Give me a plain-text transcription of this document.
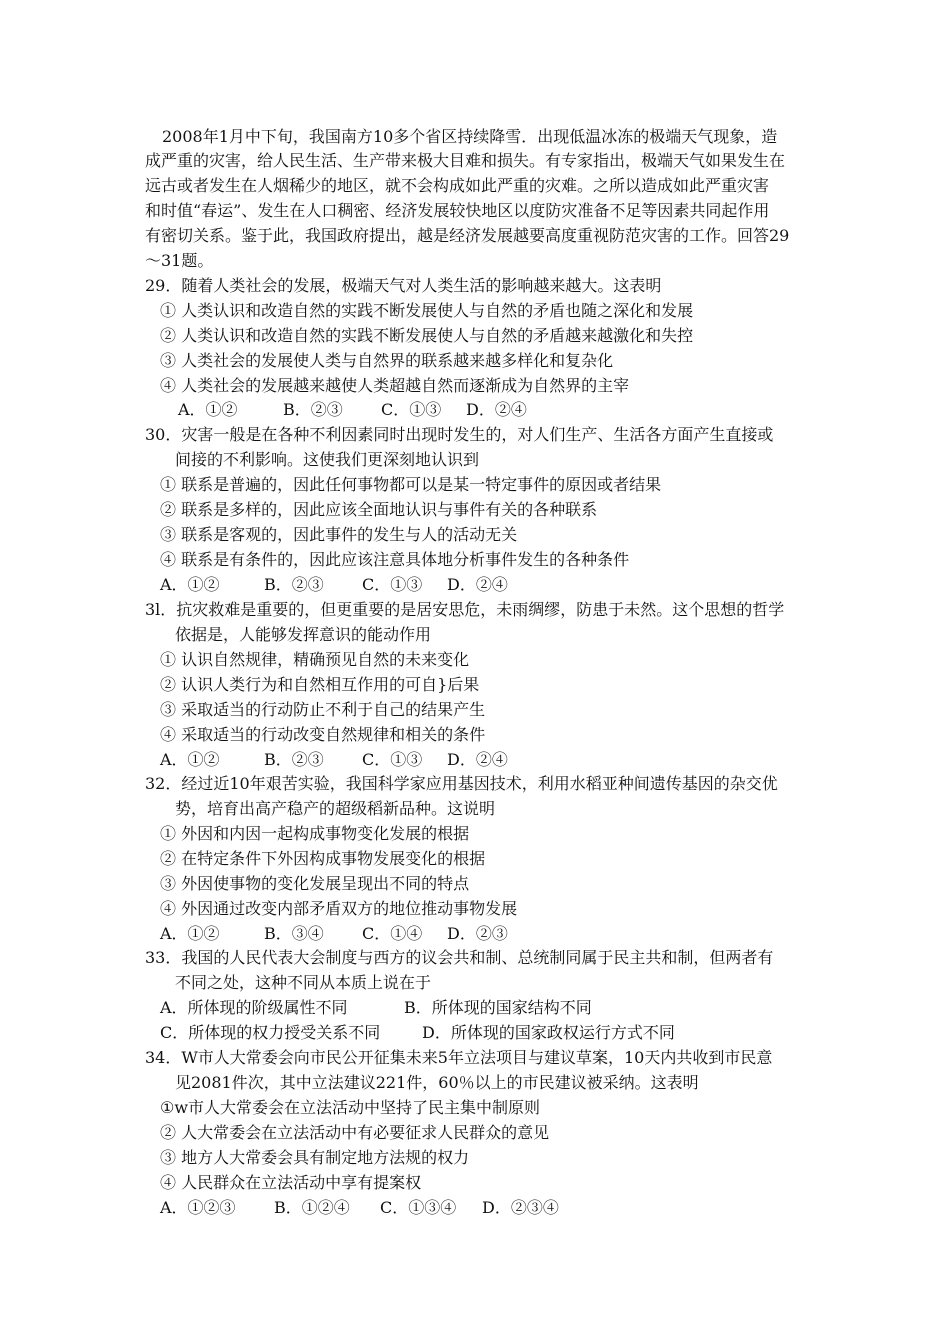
2008年1月中下旬，我国南方10多个省区持续降雪．出现低温冰冻的极端天气现象，造
成严重的灾害，给人民生活、生产带来极大目难和损失。有专家指出，极端天气如果发生在
远古或者发生在人烟稀少的地区，就不会构成如此严重的灾难。之所以造成如此严重灾害
和时值“春运”、发生在人口稠密、经济发展较快地区以度防灾准备不足等因素共同起作用
有密切关系。鉴于此，我国政府提出，越是经济发展越要高度重视防范灾害的工作。回答29
～31题。
29．随着人类社会的发展，极端天气对人类生活的影响越来越大。这表明
① 人类认识和改造自然的实践不断发展使人与自然的矛盾也随之深化和发展
② 人类认识和改造自然的实践不断发展使人与自然的矛盾越来越激化和失控
③ 人类社会的发展使人类与自然界的联系越来越多样化和复杂化
④ 人类社会的发展越来越使人类超越自然而逐渐成为自然界的主宰
A．①②	B．②③ C．①③ D．②④
30．灾害一般是在各种不利因素同时出现时发生的，对人们生产、生活各方面产生直接或
间接的不利影响。这使我们更深刻地认识到
① 联系是普遍的，因此任何事物都可以是某一特定事件的原因或者结果
② 联系是多样的，因此应该全面地认识与事件有关的各种联系
③ 联系是客观的，因此事件的发生与人的活动无关
④ 联系是有条件的，因此应该注意具体地分析事件发生的各种条件
A．①②	B．②③ C．①③ D．②④
3l．抗灾救难是重要的，但更重要的是居安思危，未雨绸缪，防患于未然。这个思想的哲学
依据是，人能够发挥意识的能动作用
① 认识自然规律，精确预见自然的未来变化
② 认识人类行为和自然相互作用的可自}后果
③ 采取适当的行动防止不利于自己的结果产生
④ 采取适当的行动改变自然规律和相关的条件
A．①②	B．②③ C．①③ D．②④
32．经过近10年艰苦实验，我国科学家应用基因技术，利用水稻亚种间遗传基因的杂交优
势，培育出高产稳产的超级稻新品种。这说明
① 外因和内因一起构成事物变化发展的根据
② 在特定条件下外因构成事物发展变化的根据
③ 外因使事物的变化发展呈现出不同的特点
④ 外因通过改变内部矛盾双方的地位推动事物发展
A．①②	B．③④ C．①④ D．②③
33．我国的人民代表大会制度与西方的议会共和制、总统制同属于民主共和制，但两者有
不同之处，这种不同从本质上说在于
A．所体现的阶级属性不同	B．所体现的国家结构不同
C．所体现的权力授受关系不同	D．所体现的国家政权运行方式不同
34．W市人大常委会向市民公开征集未来5年立法项目与建议草案，10天内共收到市民意
见2081件次，其中立法建议221件，60％以上的市民建议被采纳。这表明
①w市人大常委会在立法活动中坚持了民主集中制原则
② 人大常委会在立法活动中有必要征求人民群众的意见
③ 地方人大常委会具有制定地方法规的权力
④ 人民群众在立法活动中享有提案权
A．①②③ B．①②④ C．①③④ D．②③④
